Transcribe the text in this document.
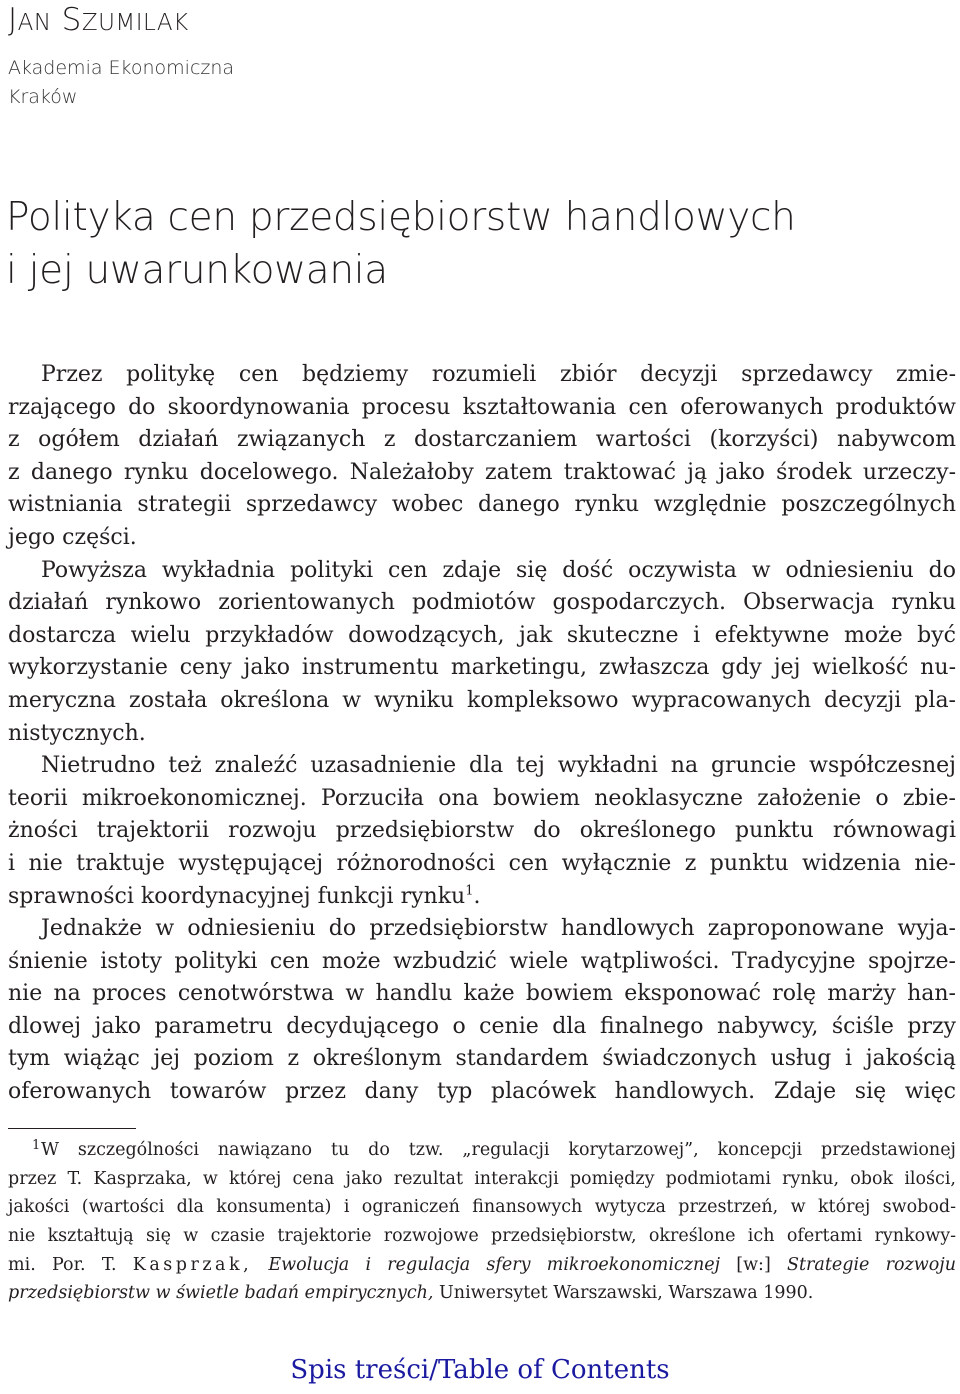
JAN SZUMILAK
Akademia Ekonomiczna
Kraków
Polityka cen przedsiębiorstw handlowych
i jej uwarunkowania
Przez politykę cen będziemy rozumieli zbiór decyzji sprzedawcy zmie-
rzającego do skoordynowania procesu kształtowania cen oferowanych produktów
z ogółem działań związanych z dostarczaniem wartości (korzyści) nabywcom
z danego rynku docelowego. Należałoby zatem traktować ją jako środek urzeczy-
wistniania strategii sprzedawcy wobec danego rynku względnie poszczególnych
jego części.
Powyższa wykładnia polityki cen zdaje się dość oczywista w odniesieniu do
działań rynkowo zorientowanych podmiotów gospodarczych. Obserwacja rynku
dostarcza wielu przykładów dowodzących, jak skuteczne i efektywne może być
wykorzystanie ceny jako instrumentu marketingu, zwłaszcza gdy jej wielkość nu-
meryczna została określona w wyniku kompleksowo wypracowanych decyzji pla-
nistycznych.
Nietrudno też znaleźć uzasadnienie dla tej wykładni na gruncie współczesnej
teorii mikroekonomicznej. Porzuciła ona bowiem neoklasyczne założenie o zbie-
żności trajektorii rozwoju przedsiębiorstw do określonego punktu równowagi
i nie traktuje występującej różnorodności cen wyłącznie z punktu widzenia nie-
sprawności koordynacyjnej funkcji rynku$^1$.
Jednakże w odniesieniu do przedsiębiorstw handlowych zaproponowane wyja-
śnienie istoty polityki cen może wzbudzić wiele wątpliwości. Tradycyjne spojrze-
nie na proces cenotwórstwa w handlu każe bowiem eksponować rolę marży han-
dlowej jako parametru decydującego o cenie dla finalnego nabywcy, ściśle przy
tym wiążąc jej poziom z określonym standardem świadczonych usług i jakością
oferowanych towarów przez dany typ placówek handlowych. Zdaje się więc
1 W szczególności nawiązano tu do tzw. „regulacji korytarzowej”, koncepcji przedstawionej
przez T. Kasprzaka, w której cena jako rezultat interakcji pomiędzy podmiotami rynku, obok ilości,
jakości (wartości dla konsumenta) i ograniczeń finansowych wytycza przestrzeń, w której swobod-
nie kształtują się w czasie trajektorie rozwojowe przedsiębiorstw, określone ich ofertami rynkowy-
mi. Por. T. Kasprzak, Ewolucja i regulacja sfery mikroekonomicznej [w:] Strategie rozwoju
przedsiębiorstw w świetle badań empirycznych, Uniwersytet Warszawski, Warszawa 1990.
Spis treści/Table of Contents
